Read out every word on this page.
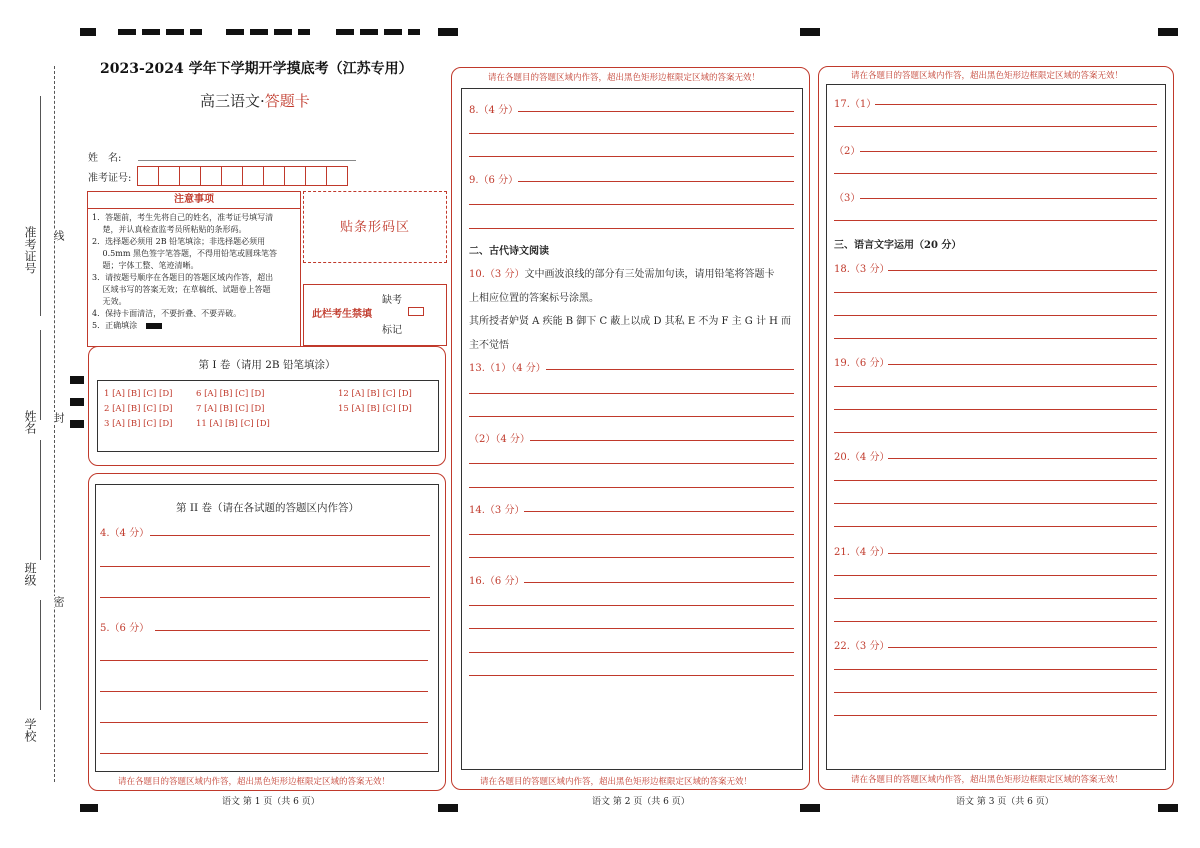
准考证号
姓名
班级
学校
线
封
密
2023-2024 学年下学期开学摸底考（江苏专用）
高三语文·答题卡
姓　名:
准考证号:
注意事项
1．答题前，考生先将自己的姓名，准考证号填写清
　 楚，并认真检查监考员所粘贴的条形码。
2．选择题必须用 2B 铅笔填涂；非选择题必须用
　 0.5mm 黑色签字笔答题，不得用铅笔或圆珠笔答
　 题；字体工整、笔迹清晰。
3．请按题号顺序在各题目的答题区域内作答，超出
　 区域书写的答案无效；在草稿纸、试题卷上答题
　 无效。
4．保持卡面清洁，不要折叠、不要弄破。
5．正确填涂
贴条形码区
此栏考生禁填
缺考
标记
第 I 卷（请用 2B 铅笔填涂）
1 [A] [B] [C] [D]
2 [A] [B] [C] [D]
3 [A] [B] [C] [D]
6 [A] [B] [C] [D]
7 [A] [B] [C] [D]
11 [A] [B] [C] [D]
12 [A] [B] [C] [D]
15 [A] [B] [C] [D]
第 II 卷（请在各试题的答题区内作答）
4.（4 分）
5.（6 分）
请在各题目的答题区域内作答，超出黑色矩形边框限定区域的答案无效！
语文 第 1 页（共 6 页）
请在各题目的答题区域内作答，超出黑色矩形边框限定区域的答案无效！
请在各题目的答题区域内作答，超出黑色矩形边框限定区域的答案无效！
语文 第 2 页（共 6 页）
8.（4 分）
9.（6 分）
二、古代诗文阅读
10.（3 分）文中画波浪线的部分有三处需加句读，请用铅笔将答题卡
上相应位置的答案标号涂黑。
其所授者妒贤 A 疾能 B 御下 C 蔽上以成 D 其私 E 不为 F 主 G 计 H 而
主不觉悟
13.（1）（4 分）
（2）（4 分）
14.（3 分）
16.（6 分）
请在各题目的答题区域内作答，超出黑色矩形边框限定区域的答案无效！
请在各题目的答题区域内作答，超出黑色矩形边框限定区域的答案无效！
语文 第 3 页（共 6 页）
17.（1）
（2）
（3）
三、语言文字运用（20 分）
18.（3 分）
19.（6 分）
20.（4 分）
21.（4 分）
22.（3 分）
